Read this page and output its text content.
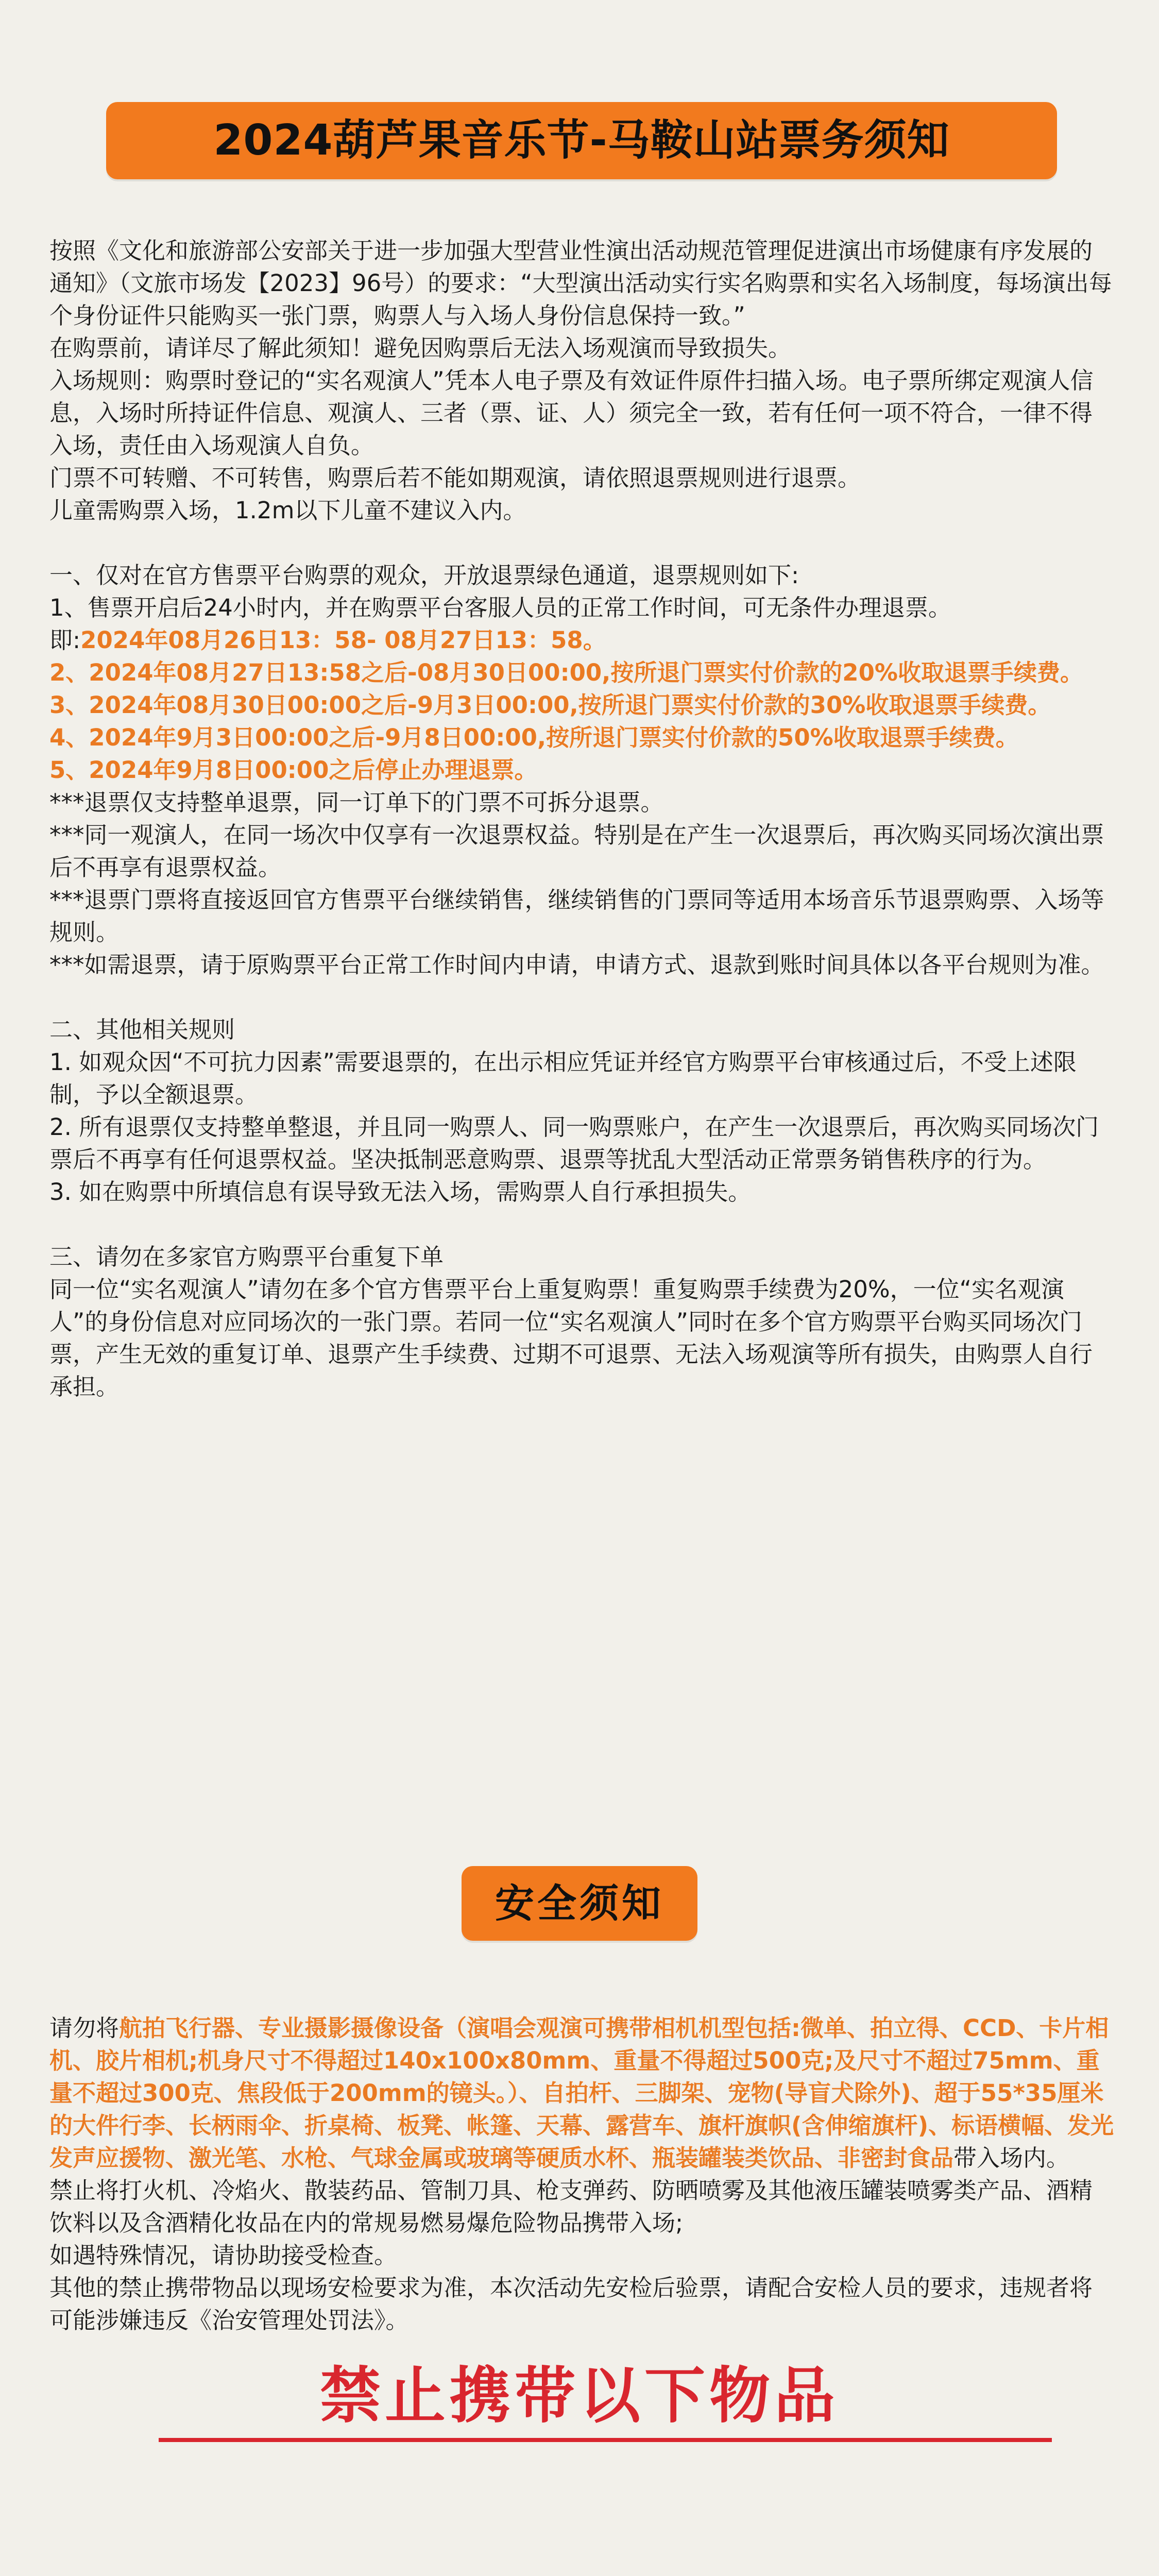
2024葫芦果音乐节-马鞍山站票务须知

按照《文化和旅游部公安部关于进一步加强大型营业性演出活动规范管理促进演出市场健康有序发展的通知》（文旅市场发【2023】96号）的要求：“大型演出活动实行实名购票和实名入场制度，每场演出每个身份证件只能购买一张门票，购票人与入场人身份信息保持一致。”

在购票前，请详尽了解此须知！避免因购票后无法入场观演而导致损失。

入场规则：购票时登记的“实名观演人”凭本人电子票及有效证件原件扫描入场。电子票所绑定观演人信息，入场时所持证件信息、观演人、三者（票、证、人）须完全一致，若有任何一项不符合，一律不得入场，责任由入场观演人自负。

门票不可转赠、不可转售，购票后若不能如期观演，请依照退票规则进行退票。

儿童需购票入场，1.2m以下儿童不建议入内。

一、仅对在官方售票平台购票的观众，开放退票绿色通道，退票规则如下:

1、售票开启后24小时内，并在购票平台客服人员的正常工作时间，可无条件办理退票。

即:2024年08月26日13：58- 08月27日13：58。

2、2024年08月27日13:58之后-08月30日00:00,按所退门票实付价款的20%收取退票手续费。

3、2024年08月30日00:00之后-9月3日00:00,按所退门票实付价款的30%收取退票手续费。

4、2024年9月3日00:00之后-9月8日00:00,按所退门票实付价款的50%收取退票手续费。

5、2024年9月8日00:00之后停止办理退票。

***退票仅支持整单退票，同一订单下的门票不可拆分退票。

***同一观演人，在同一场次中仅享有一次退票权益。特别是在产生一次退票后，再次购买同场次演出票后不再享有退票权益。

***退票门票将直接返回官方售票平台继续销售，继续销售的门票同等适用本场音乐节退票购票、入场等规则。

***如需退票，请于原购票平台正常工作时间内申请，申请方式、退款到账时间具体以各平台规则为准。

二、其他相关规则

1. 如观众因“不可抗力因素”需要退票的，在出示相应凭证并经官方购票平台审核通过后，不受上述限制，予以全额退票。

2. 所有退票仅支持整单整退，并且同一购票人、同一购票账户，在产生一次退票后，再次购买同场次门票后不再享有任何退票权益。坚决抵制恶意购票、退票等扰乱大型活动正常票务销售秩序的行为。

3. 如在购票中所填信息有误导致无法入场，需购票人自行承担损失。

三、请勿在多家官方购票平台重复下单

同一位“实名观演人”请勿在多个官方售票平台上重复购票！重复购票手续费为20%，一位“实名观演人”的身份信息对应同场次的一张门票。若同一位“实名观演人”同时在多个官方购票平台购买同场次门票，产生无效的重复订单、退票产生手续费、过期不可退票、无法入场观演等所有损失，由购票人自行承担。

安全须知

请勿将航拍飞行器、专业摄影摄像设备（演唱会观演可携带相机机型包括:微单、拍立得、CCD、卡片相机、胶片相机;机身尺寸不得超过140x100x80mm、重量不得超过500克;及尺寸不超过75mm、重量不超过300克、焦段低于200mm的镜头。）、自拍杆、三脚架、宠物(导盲犬除外)、超于55*35厘米的大件行李、长柄雨伞、折桌椅、板凳、帐篷、天幕、露营车、旗杆旗帜(含伸缩旗杆)、标语横幅、发光发声应援物、激光笔、水枪、气球金属或玻璃等硬质水杯、瓶装罐装类饮品、非密封食品带入场内。

禁止将打火机、冷焰火、散装药品、管制刀具、枪支弹药、防晒喷雾及其他液压罐装喷雾类产品、酒精饮料以及含酒精化妆品在内的常规易燃易爆危险物品携带入场;

如遇特殊情况，请协助接受检查。

其他的禁止携带物品以现场安检要求为准，本次活动先安检后验票，请配合安检人员的要求，违规者将可能涉嫌违反《治安管理处罚法》。

禁止携带以下物品
